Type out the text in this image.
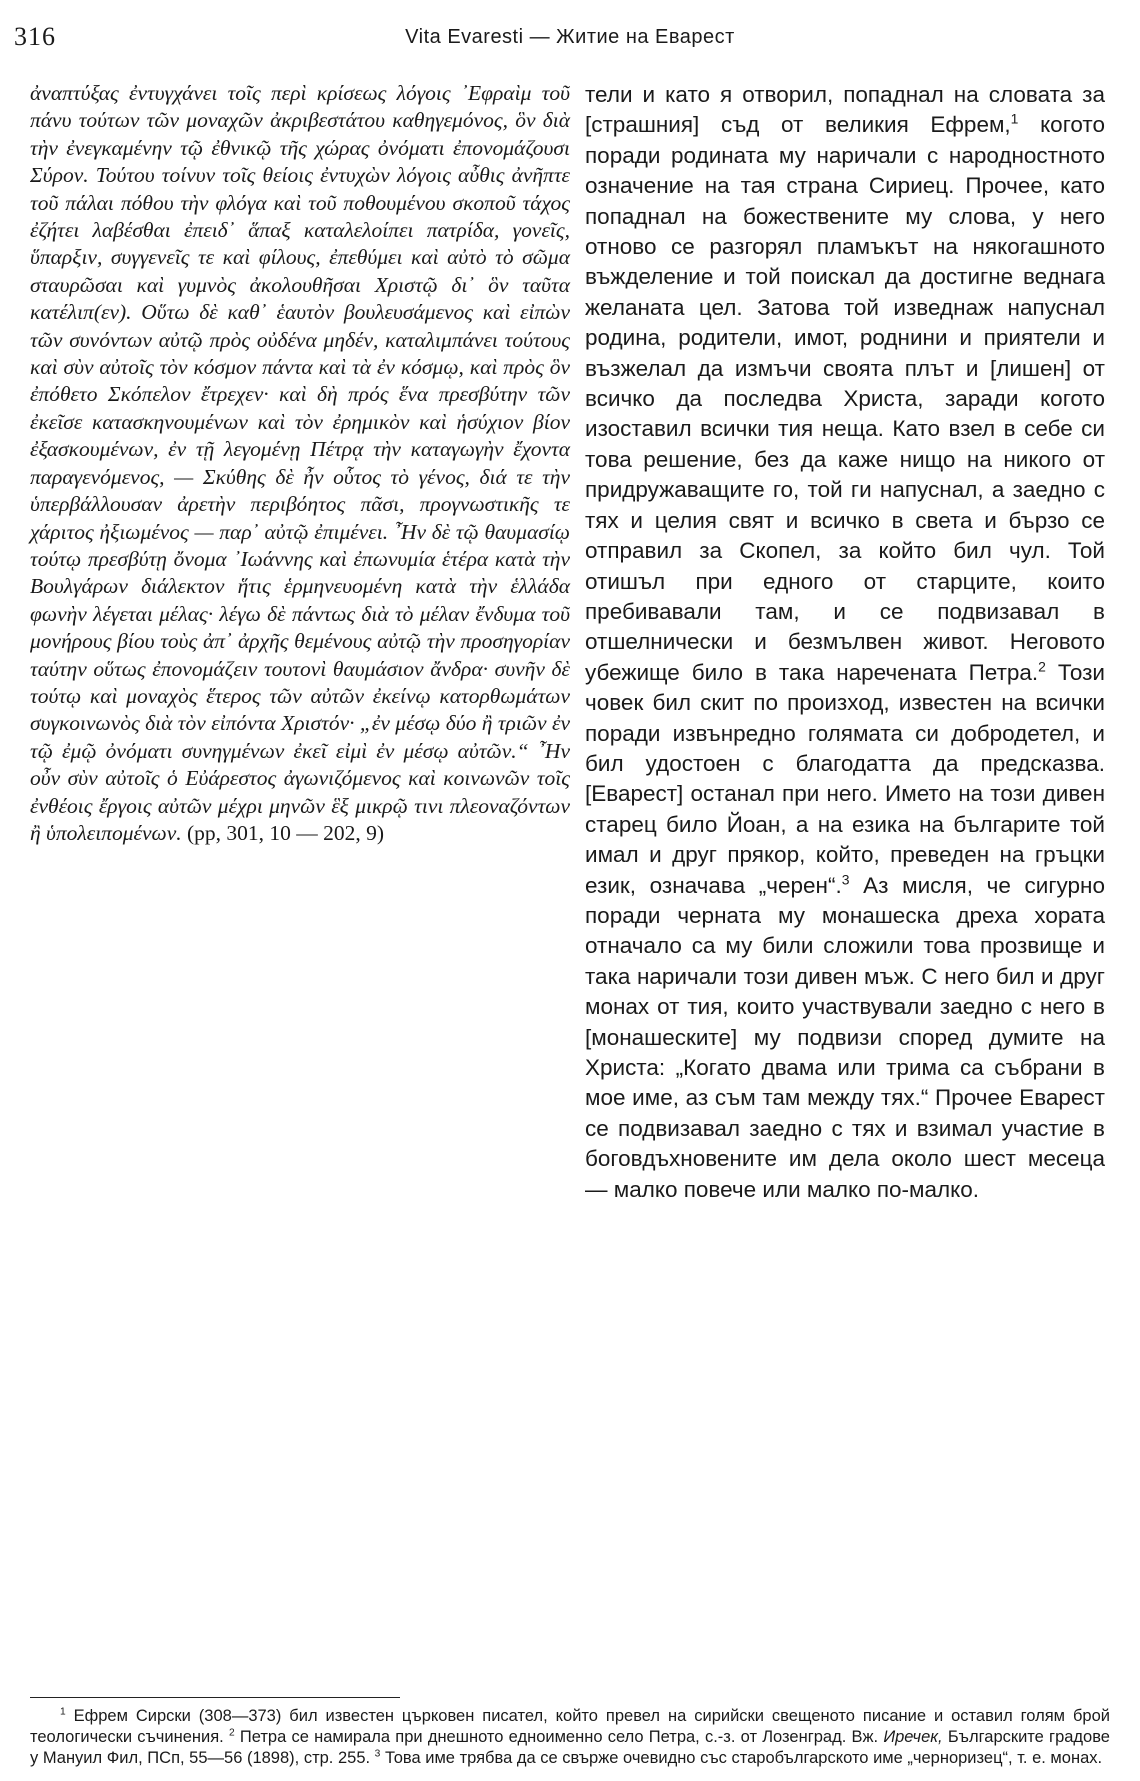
316	Vita Evaresti — Житие на Еварест
ἀναπτύξας ἐντυγχάνει τοῖς περὶ κρίσεως λόγοις ᾿Εφραὶμ τοῦ πάνυ τούτων τῶν μοναχῶν ἀκριβεστάτου καθηγεμόνος, ὃν διὰ τὴν ἐνεγκαμένην τῷ ἐθνικῷ τῆς χώρας ὀνόματι ἐπονομάζουσι Σύρον. Τούτου τοίνυν τοῖς θείοις ἐντυχὼν λόγοις αὖθις ἀνῆπτε τοῦ πάλαι πόθου τὴν φλόγα καὶ τοῦ ποθουμένου σκοποῦ τάχος ἐζήτει λαβέσθαι ἐπειδ᾿ ἅπαξ καταλελοίπει πατρίδα, γονεῖς, ὕπαρξιν, συγγενεῖς τε καὶ φίλους, ἐπεθύμει καὶ αὐτὸ τὸ σῶμα σταυρῶσαι καὶ γυμνὸς ἀκολουθῆσαι Χριστῷ δι᾿ ὃν ταῦτα κατέλιπ(εν). Οὕτω δὲ καθ᾿ ἑαυτὸν βουλευσάμενος καὶ εἰπὼν τῶν συνόντων αὐτῷ πρὸς οὐδένα μηδέν, καταλιμπάνει τούτους καὶ σὺν αὐτοῖς τὸν κόσμον πάντα καὶ τὰ ἐν κόσμῳ, καὶ πρὸς ὃν ἐπόθετο Σκόπελον ἔτρεχεν· καὶ δὴ πρός ἕνα πρεσβύτην τῶν ἐκεῖσε κατασκηνουμένων καὶ τὸν ἐρημικὸν καὶ ἡσύχιον βίον ἐξασκουμένων, ἐν τῇ λεγομένῃ Πέτρᾳ τὴν καταγωγὴν ἔχοντα παραγενόμενος, — Σκύθης δὲ ἦν οὗτος τὸ γένος, διά τε τὴν ὑπερβάλλουσαν ἀρετὴν περιβόητος πᾶσι, προγνωστικῆς τε χάριτος ἠξιωμένος — παρ᾿ αὐτῷ ἐπιμένει. ῏Ην δὲ τῷ θαυμασίῳ τούτῳ πρεσβύτῃ ὄνομα ᾿Ιωάννης καὶ ἐπωνυμία ἑτέρα κατὰ τὴν Βουλγάρων διάλεκτον ἥτις ἑρμηνευομένη κατὰ τὴν ἑλλάδα φωνὴν λέγεται μέλας· λέγω δὲ πάντως διὰ τὸ μέλαν ἔνδυμα τοῦ μονήρους βίου τοὺς ἀπ᾿ ἀρχῆς θεμένους αὐτῷ τὴν προσηγορίαν ταύτην οὕτως ἐπονομάζειν τουτονὶ θαυμάσιον ἄνδρα· συνῆν δὲ τούτῳ καὶ μοναχὸς ἕτερος τῶν αὐτῶν ἐκείνῳ κατορθωμάτων συγκοινωνὸς διὰ τὸν εἰπόντα Χριστόν· „ἐν μέσῳ δύο ἢ τριῶν ἐν τῷ ἐμῷ ὀνόματι συνηγμένων ἐκεῖ εἰμὶ ἐν μέσῳ αὐτῶν.“ ῏Ην οὖν σὺν αὐτοῖς ὁ Εὐάρεστος ἀγωνιζόμενος καὶ κοινωνῶν τοῖς ἐνθέοις ἔργοις αὐτῶν μέχρι μηνῶν ἓξ μικρῷ τινι πλεοναζόντων ἢ ὑπολειπομένων. (pp, 301, 10 — 202, 9)
тели и като я отворил, попаднал на словата за [страшния] съд от великия Ефрем,$^1$ когото поради родината му наричали с народностното означение на тая страна Сириец. Прочее, като попаднал на божествените му слова, у него отново се разгорял пламъкът на някогашното въжделение и той поискал да достигне веднага желаната цел. Затова той изведнаж напуснал родина, родители, имот, роднини и приятели и възжелал да измъчи своята плът и [лишен] от всичко да последва Христа, заради когото изоставил всички тия неща. Като взел в себе си това решение, без да каже нищо на никого от придружаващите го, той ги напуснал, а заедно с тях и целия свят и всичко в света и бързо се отправил за Скопел, за който бил чул. Той отишъл при едного от старците, които пребивавали там, и се подвизавал в отшелнически и безмълвен живот. Неговото убежище било в така наречената Петра.$^2$ Този човек бил скит по произход, известен на всички поради извънредно голямата си добродетел, и бил удостоен с благодатта да предсказва. [Еварест] останал при него. Името на този дивен старец било Йоан, а на езика на българите той имал и друг прякор, който, преведен на гръцки език, означава „черен“.$^3$ Аз мисля, че сигурно поради черната му монашеска дреха хората отначало са му били сложили това прозвище и така наричали този дивен мъж. С него бил и друг монах от тия, които участвували заедно с него в [монашеските] му подвизи според думите на Христа: „Когато двама или трима са събрани в мое име, аз съм там между тях.“ Прочее Еварест се подвизавал заедно с тях и взимал участие в боговдъхновените им дела около шест месеца — малко повече или малко по-малко.

$^1$ Ефрем Сирски (308—373) бил известен църковен писател, който превел на сирийски свещеното писание и оставил голям брой теологически съчинения. $^2$ Петра се намирала при днешното едноименно село Петра, с.-з. от Лозенград. Вж. Иречек, Българските градове у Мануил Фил, ПСп, 55—56 (1898), стр. 255. $^3$ Това име трябва да се свърже очевидно със старобългарското име „черноризец“, т. е. монах.
